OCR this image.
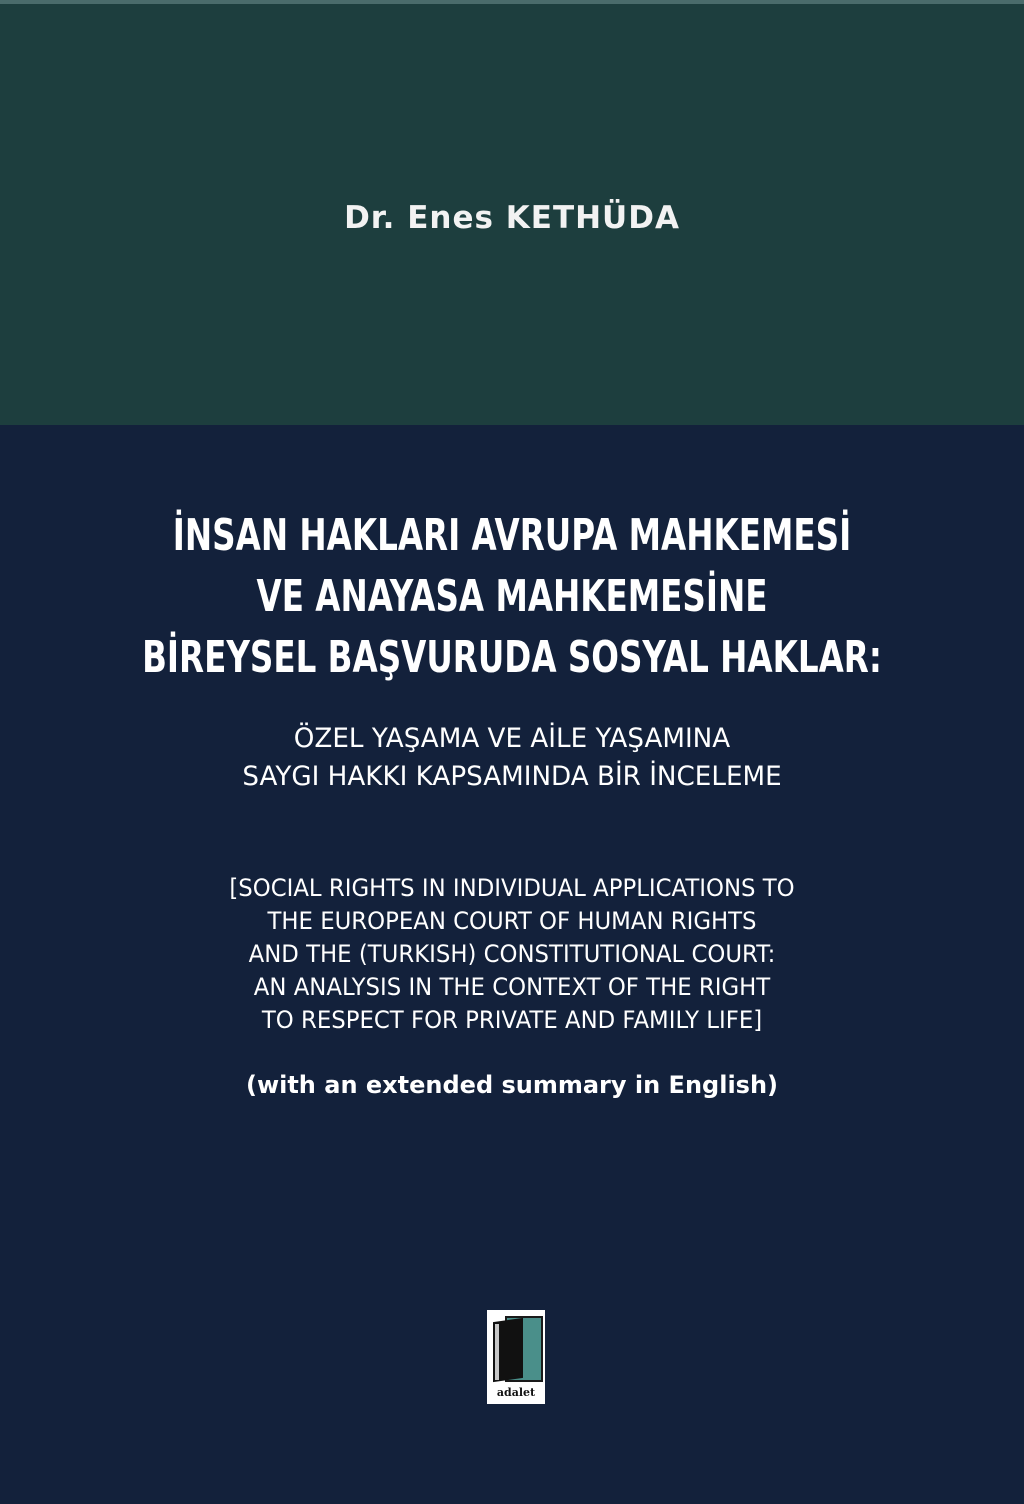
Dr. Enes KETHÜDA
İNSAN HAKLARI AVRUPA MAHKEMESİ
VE ANAYASA MAHKEMESİNE
BİREYSEL BAŞVURUDA SOSYAL HAKLAR:
ÖZEL YAŞAMA VE AİLE YAŞAMINA
SAYGI HAKKI KAPSAMINDA BİR İNCELEME
[SOCIAL RIGHTS IN INDIVIDUAL APPLICATIONS TO
THE EUROPEAN COURT OF HUMAN RIGHTS
AND THE (TURKISH) CONSTITUTIONAL COURT:
AN ANALYSIS IN THE CONTEXT OF THE RIGHT
TO RESPECT FOR PRIVATE AND FAMILY LIFE]
(with an extended summary in English)
adalet
